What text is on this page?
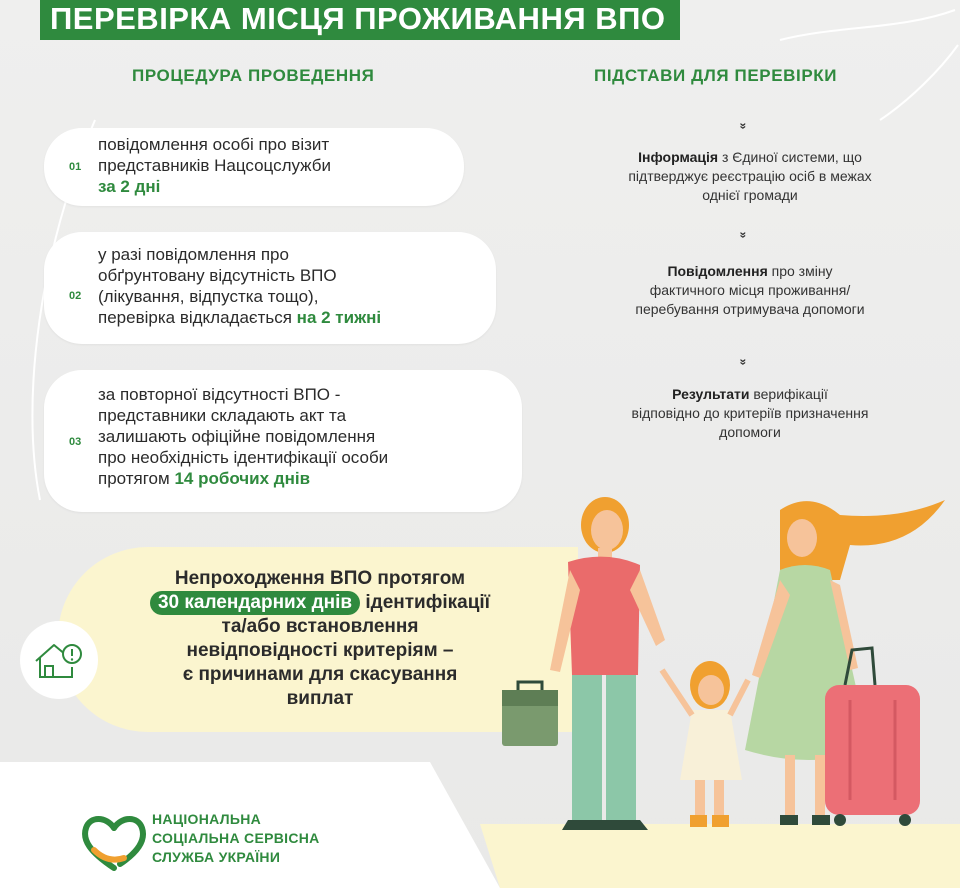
ПЕРЕВІРКА МІСЦЯ ПРОЖИВАННЯ ВПО
ПРОЦЕДУРА ПРОВЕДЕННЯ	ПІДСТАВИ ДЛЯ ПЕРЕВІРКИ
01
повідомлення особі про візит
представників Нацсоцслужби
за 2 дні
02
у разі повідомлення про
обґрунтовану відсутність ВПО
(лікування, відпустка тощо),
перевірка відкладається на 2 тижні
03
за повторної відсутності ВПО -
представники складають акт та
залишають офіційне повідомлення
про необхідність ідентифікації особи
протягом 14 робочих днів
»
Інформація з Єдиної системи, що
підтверджує реєстрацію осіб в межах
однієї громади
»
Повідомлення про зміну
фактичного місця проживання/
перебування отримувача допомоги
»
Результати верифікації
відповідно до критеріїв призначення
допомоги
Непроходження ВПО протягом
30 календарних днів ідентифікації
та/або встановлення
невідповідності критеріям –
є причинами для скасування
виплат
НАЦІОНАЛЬНА
СОЦІАЛЬНА СЕРВІСНА
СЛУЖБА УКРАЇНИ
